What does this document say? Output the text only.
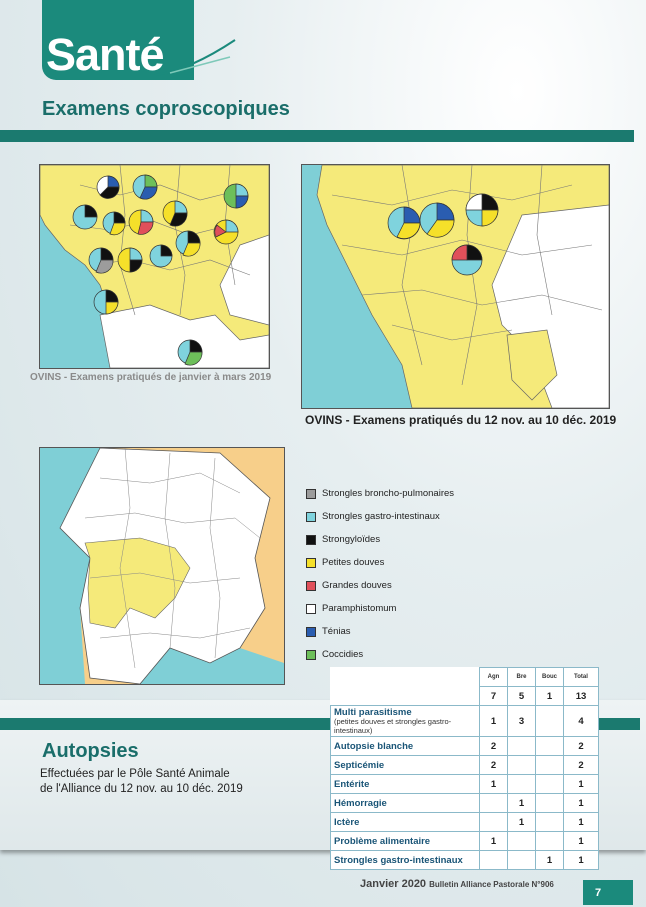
Santé
Examens coproscopiques
OVINS - Examens pratiqués de janvier à mars 2019
OVINS - Examens pratiqués du 12 nov. au 10 déc. 2019
Strongles broncho-pulmonaires
Strongles gastro-intestinaux
Strongyloïdes
Petites douves
Grandes douves
Paramphistomum
Ténias
Coccidies
Autopsies
Effectuées par le Pôle Santé Animale
de l'Alliance du 12 nov. au 10 déc. 2019
	Agn	Bre	Bouc	Total
	7	5	1	13
Multi parasitisme
(petites douves et strongles gastro-intestinaux)	1	3		4
Autopsie blanche	2			2
Septicémie	2			2
Entérite	1			1
Hémorragie		1		1
Ictère		1		1
Problème alimentaire	1			1
Strongles gastro-intestinaux			1	1
Janvier 2020 Bulletin Alliance Pastorale N°906
7
